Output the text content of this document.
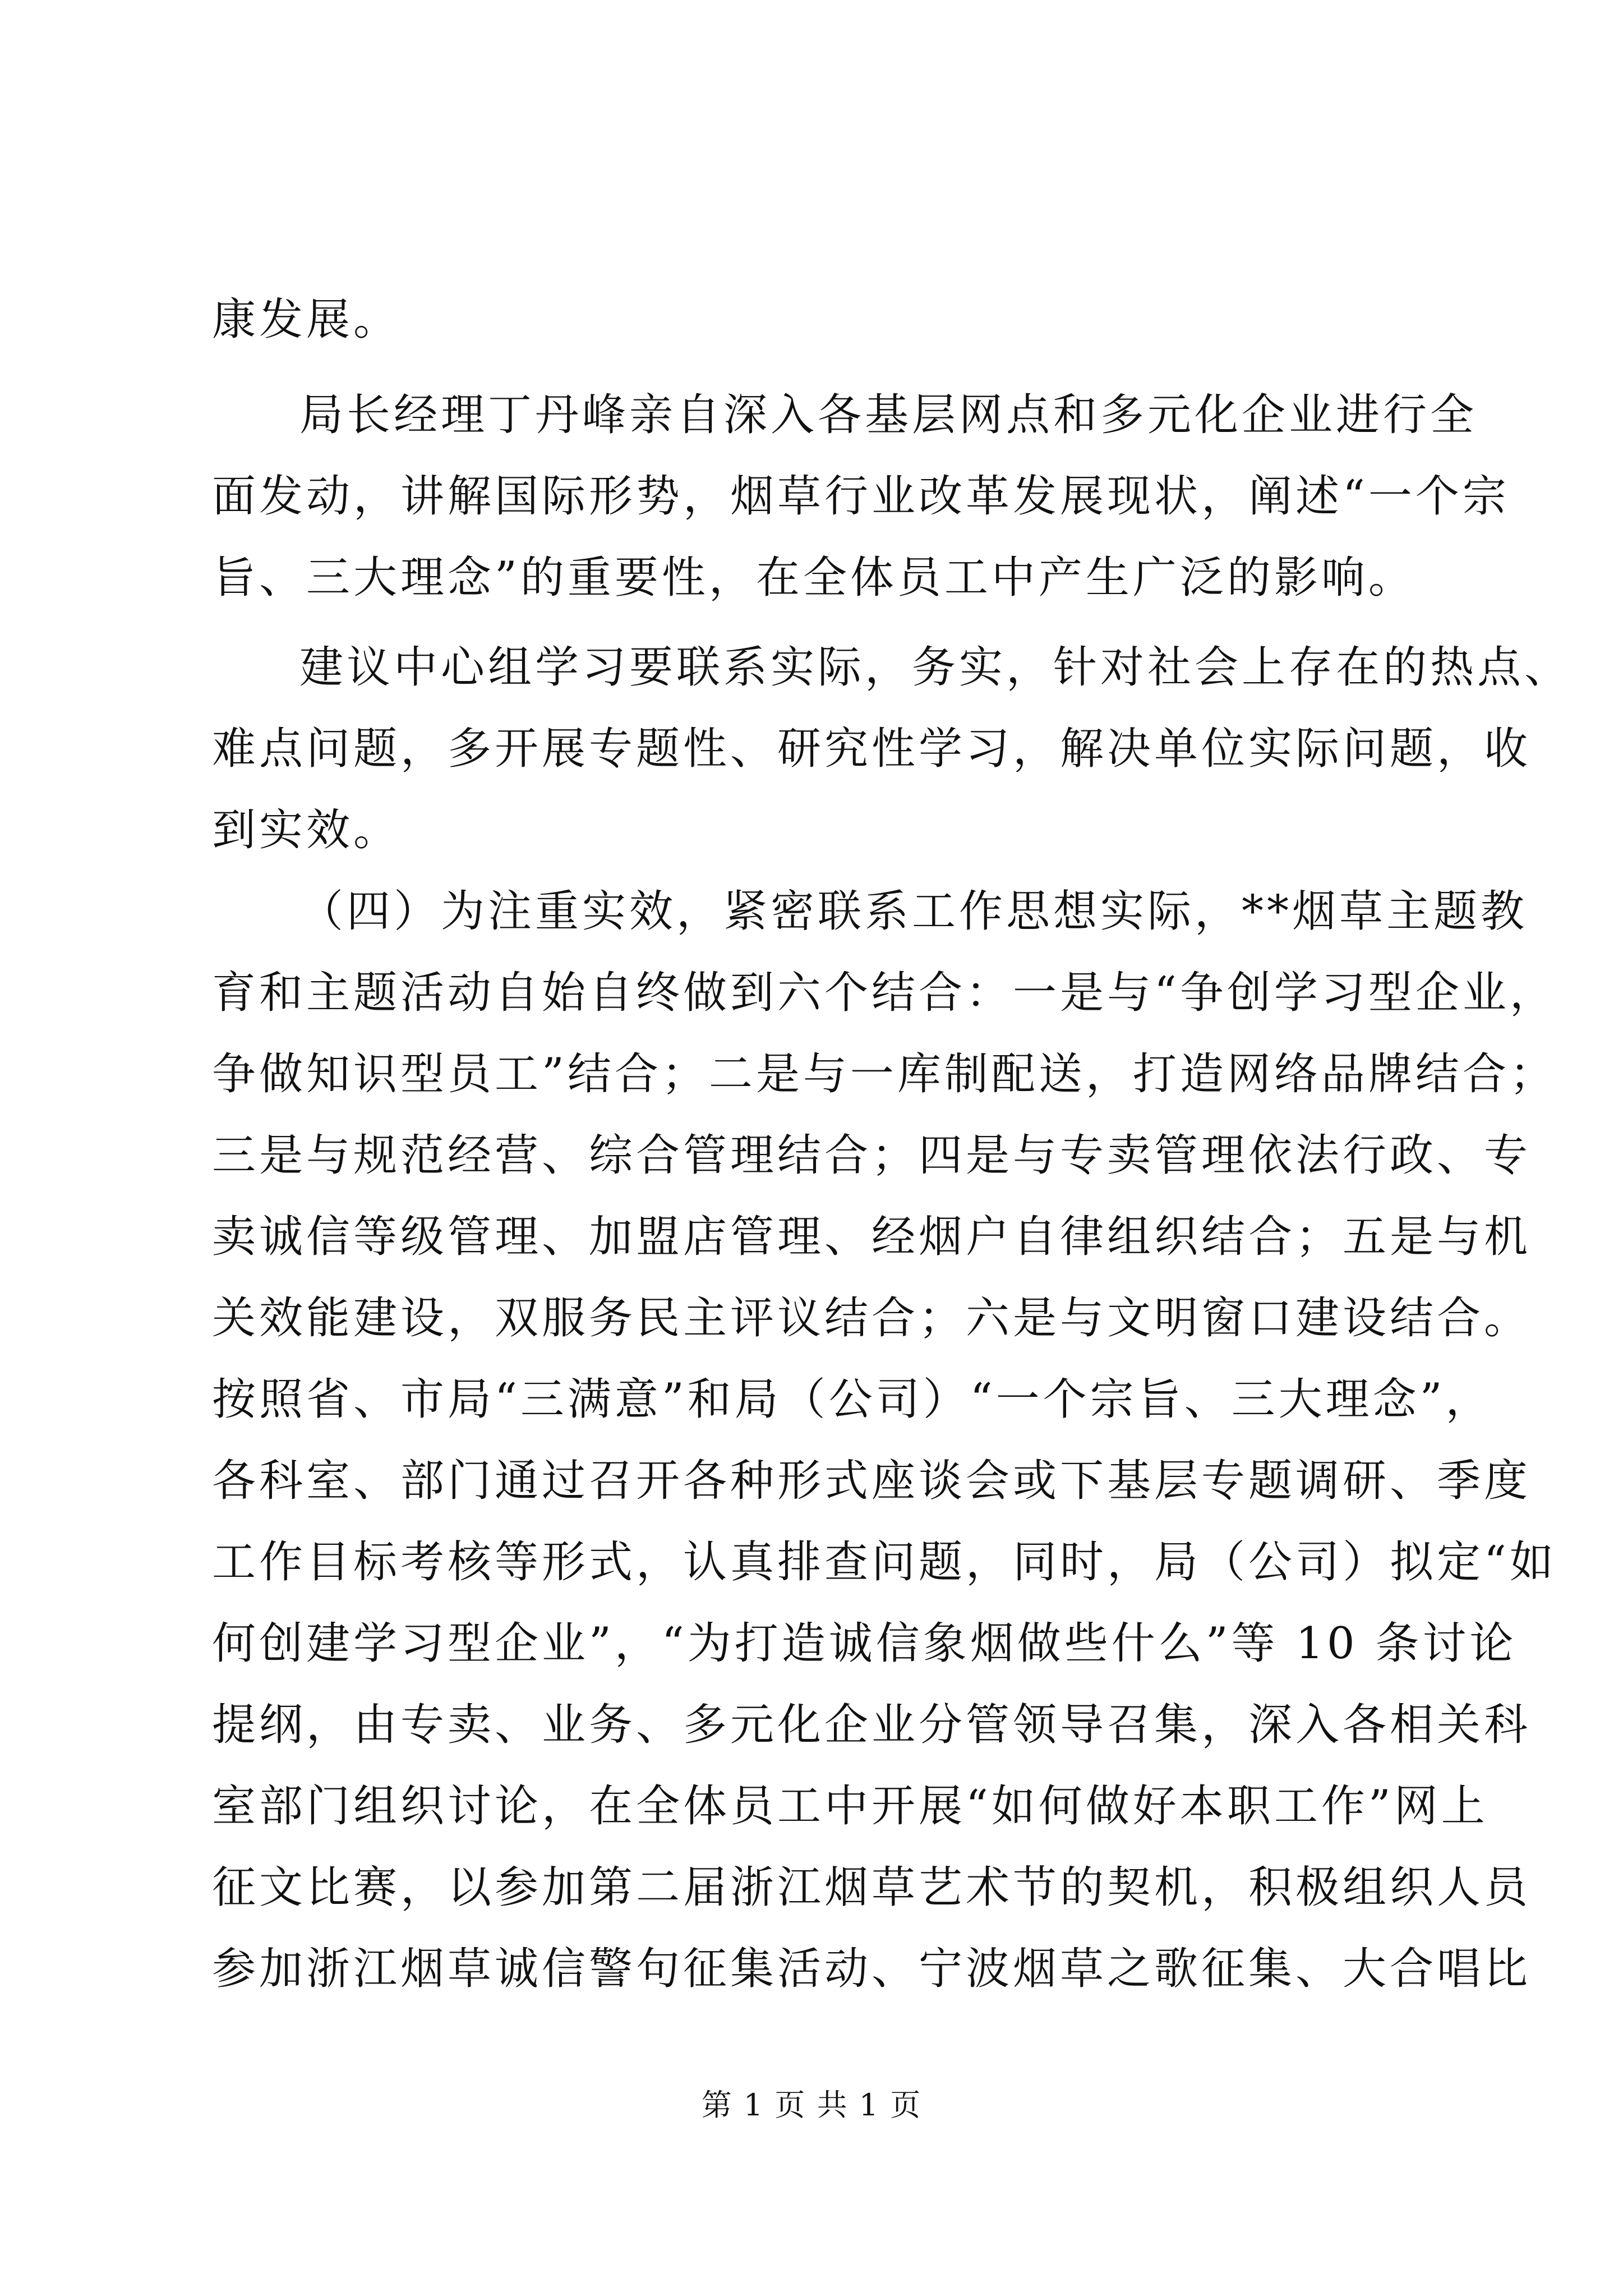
康发展。
局长经理丁丹峰亲自深入各基层网点和多元化企业进行全
面发动，讲解国际形势，烟草行业改革发展现状，阐述“一个宗
旨、三大理念”的重要性，在全体员工中产生广泛的影响。
建议中心组学习要联系实际，务实，针对社会上存在的热点、
难点问题，多开展专题性、研究性学习，解决单位实际问题，收
到实效。
（四）为注重实效，紧密联系工作思想实际，**烟草主题教
育和主题活动自始自终做到六个结合：一是与“争创学习型企业，
争做知识型员工”结合；二是与一库制配送，打造网络品牌结合；
三是与规范经营、综合管理结合；四是与专卖管理依法行政、专
卖诚信等级管理、加盟店管理、经烟户自律组织结合；五是与机
关效能建设，双服务民主评议结合；六是与文明窗口建设结合。
按照省、市局“三满意”和局（公司）“一个宗旨、三大理念”，
各科室、部门通过召开各种形式座谈会或下基层专题调研、季度
工作目标考核等形式，认真排查问题，同时，局（公司）拟定“如
何创建学习型企业”，“为打造诚信象烟做些什么”等 10 条讨论
提纲，由专卖、业务、多元化企业分管领导召集，深入各相关科
室部门组织讨论，在全体员工中开展“如何做好本职工作”网上
征文比赛，以参加第二届浙江烟草艺术节的契机，积极组织人员
参加浙江烟草诚信警句征集活动、宁波烟草之歌征集、大合唱比
第 1 页 共 1 页
